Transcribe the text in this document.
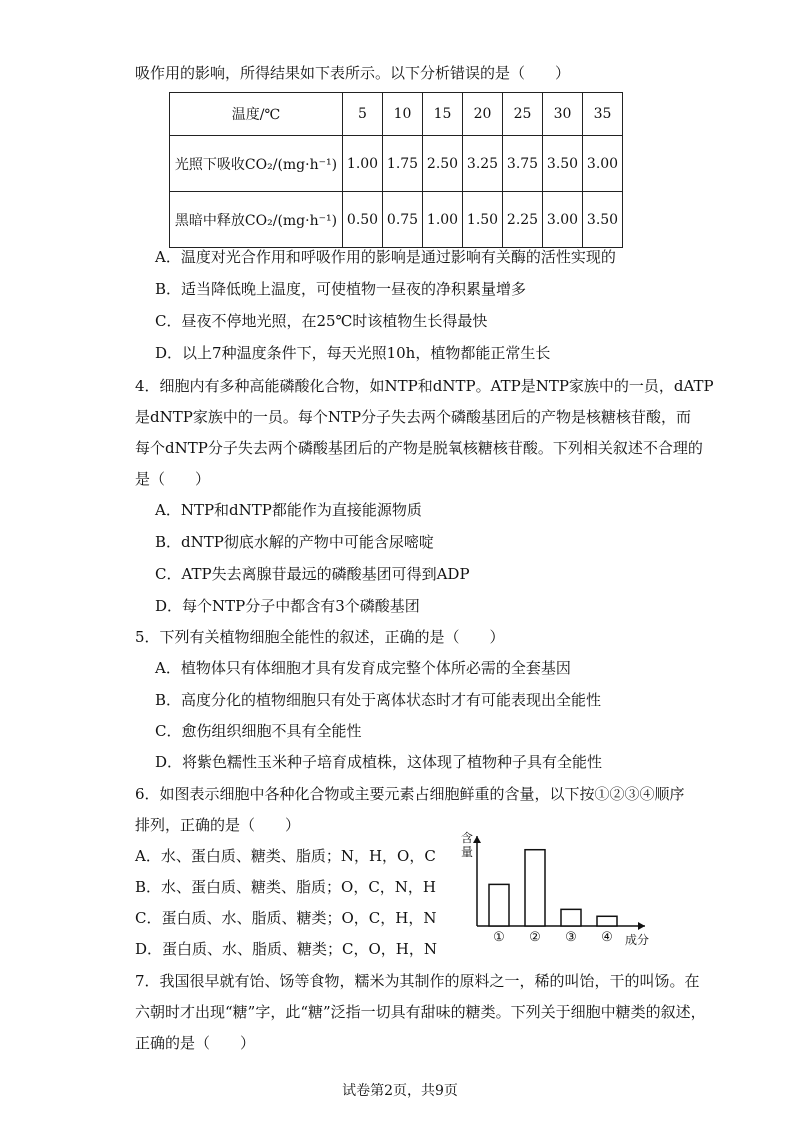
吸作用的影响，所得结果如下表所示。以下分析错误的是（　　）
温度/℃	5	10	15	20	25	30	35
光照下吸收CO₂/(mg·h⁻¹)	1.00	1.75	2.50	3.25	3.75	3.50	3.00
黑暗中释放CO₂/(mg·h⁻¹)	0.50	0.75	1.00	1.50	2.25	3.00	3.50
A．温度对光合作用和呼吸作用的影响是通过影响有关酶的活性实现的
B．适当降低晚上温度，可使植物一昼夜的净积累量增多
C．昼夜不停地光照，在25℃时该植物生长得最快
D．以上7种温度条件下，每天光照10h，植物都能正常生长
4．细胞内有多种高能磷酸化合物，如NTP和dNTP。ATP是NTP家族中的一员，dATP
是dNTP家族中的一员。每个NTP分子失去两个磷酸基团后的产物是核糖核苷酸，而
每个dNTP分子失去两个磷酸基团后的产物是脱氧核糖核苷酸。下列相关叙述不合理的
是（　　）
A．NTP和dNTP都能作为直接能源物质
B．dNTP彻底水解的产物中可能含尿嘧啶
C．ATP失去离腺苷最远的磷酸基团可得到ADP
D．每个NTP分子中都含有3个磷酸基团
5．下列有关植物细胞全能性的叙述，正确的是（　　）
A．植物体只有体细胞才具有发育成完整个体所必需的全套基因
B．高度分化的植物细胞只有处于离体状态时才有可能表现出全能性
C．愈伤组织细胞不具有全能性
D．将紫色糯性玉米种子培育成植株，这体现了植物种子具有全能性
6．如图表示细胞中各种化合物或主要元素占细胞鲜重的含量，以下按①②③④顺序
排列，正确的是（　　）
A．水、蛋白质、糖类、脂质；N，H，O，C
B．水、蛋白质、糖类、脂质；O，C，N，H
C．蛋白质、水、脂质、糖类；O，C，H，N
D．蛋白质、水、脂质、糖类；C，O，H，N
含量
① ② ③ ④ 成分
7．我国很早就有饴、饧等食物，糯米为其制作的原料之一，稀的叫饴，干的叫饧。在
六朝时才出现“糖”字，此“糖”泛指一切具有甜味的糖类。下列关于细胞中糖类的叙述，
正确的是（　　）
试卷第2页，共9页
